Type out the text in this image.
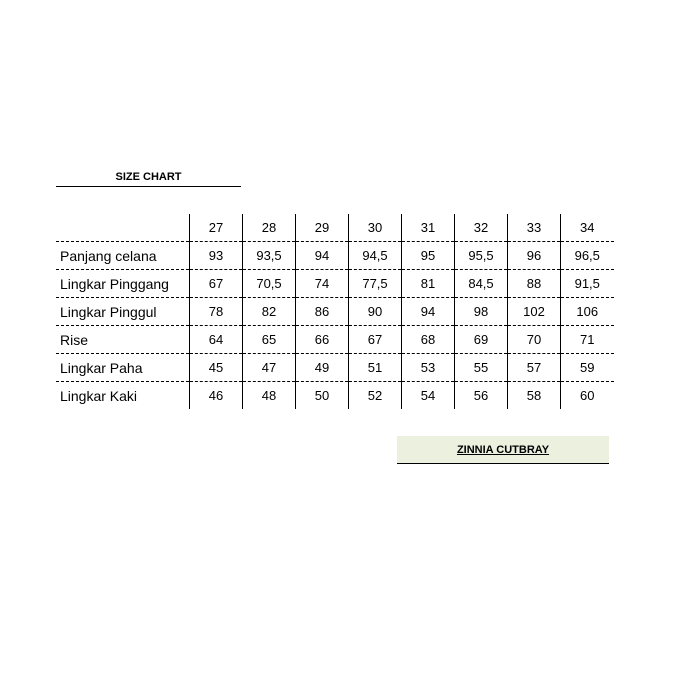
SIZE CHART
	27	28	29	30	31	32	33	34
Panjang celana	93	93,5	94	94,5	95	95,5	96	96,5
Lingkar Pinggang	67	70,5	74	77,5	81	84,5	88	91,5
Lingkar Pinggul	78	82	86	90	94	98	102	106
Rise	64	65	66	67	68	69	70	71
Lingkar Paha	45	47	49	51	53	55	57	59
Lingkar Kaki	46	48	50	52	54	56	58	60
ZINNIA CUTBRAY
